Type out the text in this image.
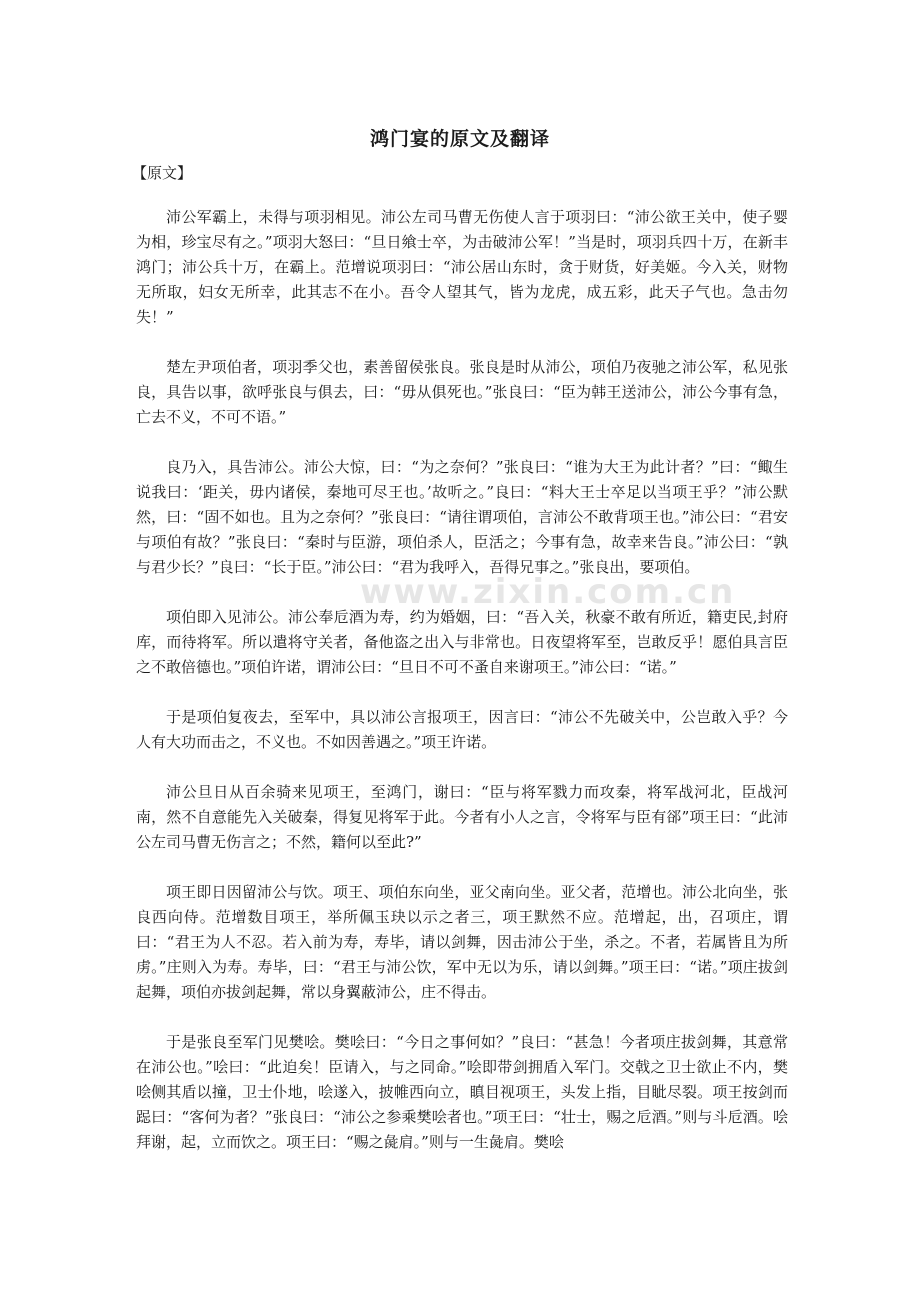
鸿门宴的原文及翻译
【原文】

沛公军霸上，未得与项羽相见。沛公左司马曹无伤使人言于项羽曰：“沛公欲王关中，使子婴为相，珍宝尽有之。”项羽大怒曰：“旦日飨士卒，为击破沛公军！”当是时，项羽兵四十万，在新丰鸿门；沛公兵十万，在霸上。范增说项羽曰：“沛公居山东时，贪于财货，好美姬。今入关，财物无所取，妇女无所幸，此其志不在小。吾令人望其气，皆为龙虎，成五彩，此天子气也。急击勿失！”

楚左尹项伯者，项羽季父也，素善留侯张良。张良是时从沛公，项伯乃夜驰之沛公军，私见张良，具告以事，欲呼张良与俱去，曰：“毋从俱死也。”张良曰：“臣为韩王送沛公，沛公今事有急，亡去不义，不可不语。”

良乃入，具告沛公。沛公大惊，曰：“为之奈何？”张良曰：“谁为大王为此计者？”曰：“鲰生说我曰：‘距关，毋内诸侯，秦地可尽王也。’故听之。”良曰：“料大王士卒足以当项王乎？”沛公默然，曰：“固不如也。且为之奈何？”张良曰：“请往谓项伯，言沛公不敢背项王也。”沛公曰：“君安与项伯有故？”张良曰：“秦时与臣游，项伯杀人，臣活之；今事有急，故幸来告良。”沛公曰：“孰与君少长？”良曰：“长于臣。”沛公曰：“君为我呼入，吾得兄事之。”张良出，要项伯。

项伯即入见沛公。沛公奉卮酒为寿，约为婚姻，曰：“吾入关，秋豪不敢有所近，籍吏民,封府库，而待将军。所以遣将守关者，备他盗之出入与非常也。日夜望将军至，岂敢反乎！愿伯具言臣之不敢倍德也。”项伯许诺，谓沛公曰：“旦日不可不蚤自来谢项王。”沛公曰：“诺。”

于是项伯复夜去，至军中，具以沛公言报项王，因言曰：“沛公不先破关中，公岂敢入乎？今人有大功而击之，不义也。不如因善遇之。”项王许诺。

沛公旦日从百余骑来见项王，至鸿门，谢曰：“臣与将军戮力而攻秦，将军战河北，臣战河南，然不自意能先入关破秦，得复见将军于此。今者有小人之言，令将军与臣有郤”项王曰：“此沛公左司马曹无伤言之；不然，籍何以至此?”

项王即日因留沛公与饮。项王、项伯东向坐，亚父南向坐。亚父者，范增也。沛公北向坐，张良西向侍。范增数目项王，举所佩玉玦以示之者三，项王默然不应。范增起，出，召项庄，谓曰：“君王为人不忍。若入前为寿，寿毕，请以剑舞，因击沛公于坐，杀之。不者，若属皆且为所虏。”庄则入为寿。寿毕，曰：“君王与沛公饮，军中无以为乐，请以剑舞。”项王曰：“诺。”项庄拔剑起舞，项伯亦拔剑起舞，常以身翼蔽沛公，庄不得击。

于是张良至军门见樊哙。樊哙曰：“今日之事何如？”良曰：“甚急！今者项庄拔剑舞，其意常在沛公也。”哙曰：“此迫矣！臣请入，与之同命。”哙即带剑拥盾入军门。交戟之卫士欲止不内，樊哙侧其盾以撞，卫士仆地，哙遂入，披帷西向立，瞋目视项王，头发上指，目眦尽裂。项王按剑而跽曰：“客何为者？”张良曰：“沛公之参乘樊哙者也。”项王曰：“壮士，赐之卮酒。”则与斗卮酒。哙拜谢，起，立而饮之。项王曰：“赐之彘肩。”则与一生彘肩。樊哙

www.zixin.com.cn
